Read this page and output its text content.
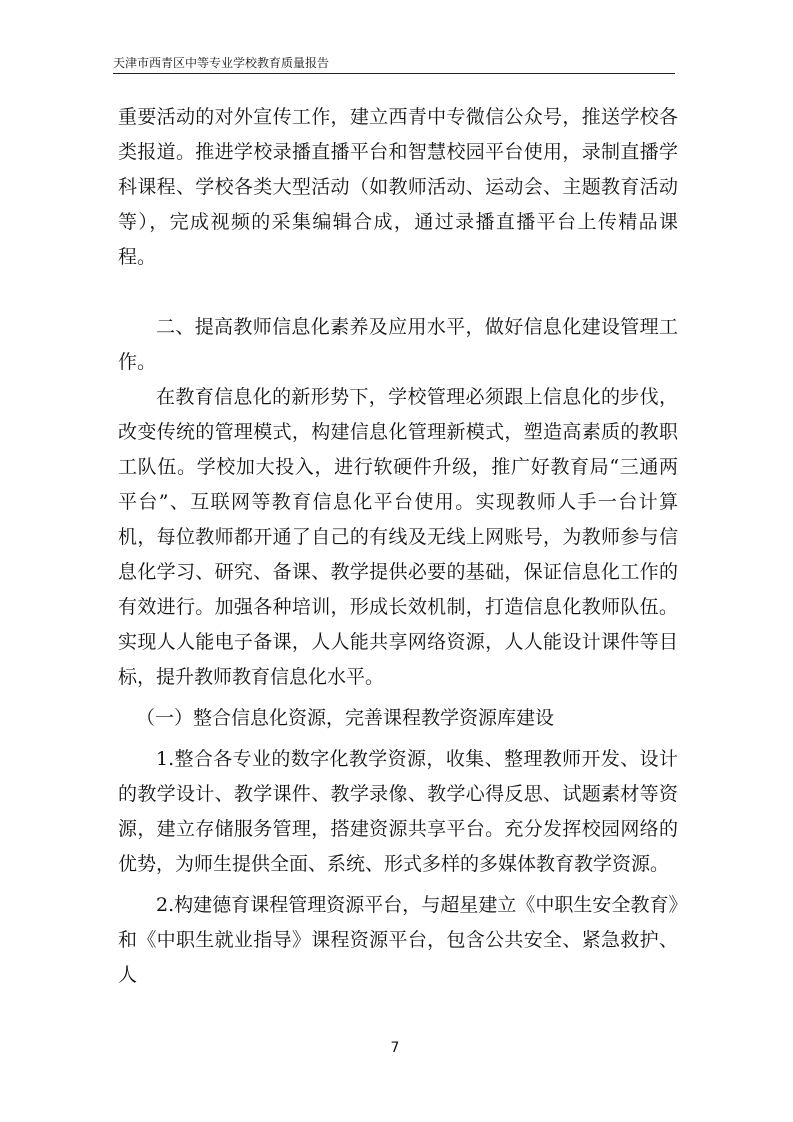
天津市西青区中等专业学校教育质量报告

重要活动的对外宣传工作，建立西青中专微信公众号，推送学校各类报道。推进学校录播直播平台和智慧校园平台使用，录制直播学科课程、学校各类大型活动（如教师活动、运动会、主题教育活动等），完成视频的采集编辑合成，通过录播直播平台上传精品课程。

二、提高教师信息化素养及应用水平，做好信息化建设管理工作。

在教育信息化的新形势下，学校管理必须跟上信息化的步伐，改变传统的管理模式，构建信息化管理新模式，塑造高素质的教职工队伍。学校加大投入，进行软硬件升级，推广好教育局“三通两平台”、互联网等教育信息化平台使用。实现教师人手一台计算机，每位教师都开通了自己的有线及无线上网账号，为教师参与信息化学习、研究、备课、教学提供必要的基础，保证信息化工作的有效进行。加强各种培训，形成长效机制，打造信息化教师队伍。实现人人能电子备课，人人能共享网络资源，人人能设计课件等目标，提升教师教育信息化水平。

（一）整合信息化资源，完善课程教学资源库建设

1.整合各专业的数字化教学资源，收集、整理教师开发、设计的教学设计、教学课件、教学录像、教学心得反思、试题素材等资源，建立存储服务管理，搭建资源共享平台。充分发挥校园网络的优势，为师生提供全面、系统、形式多样的多媒体教育教学资源。

2.构建德育课程管理资源平台，与超星建立《中职生安全教育》和《中职生就业指导》课程资源平台，包含公共安全、紧急救护、人

7
